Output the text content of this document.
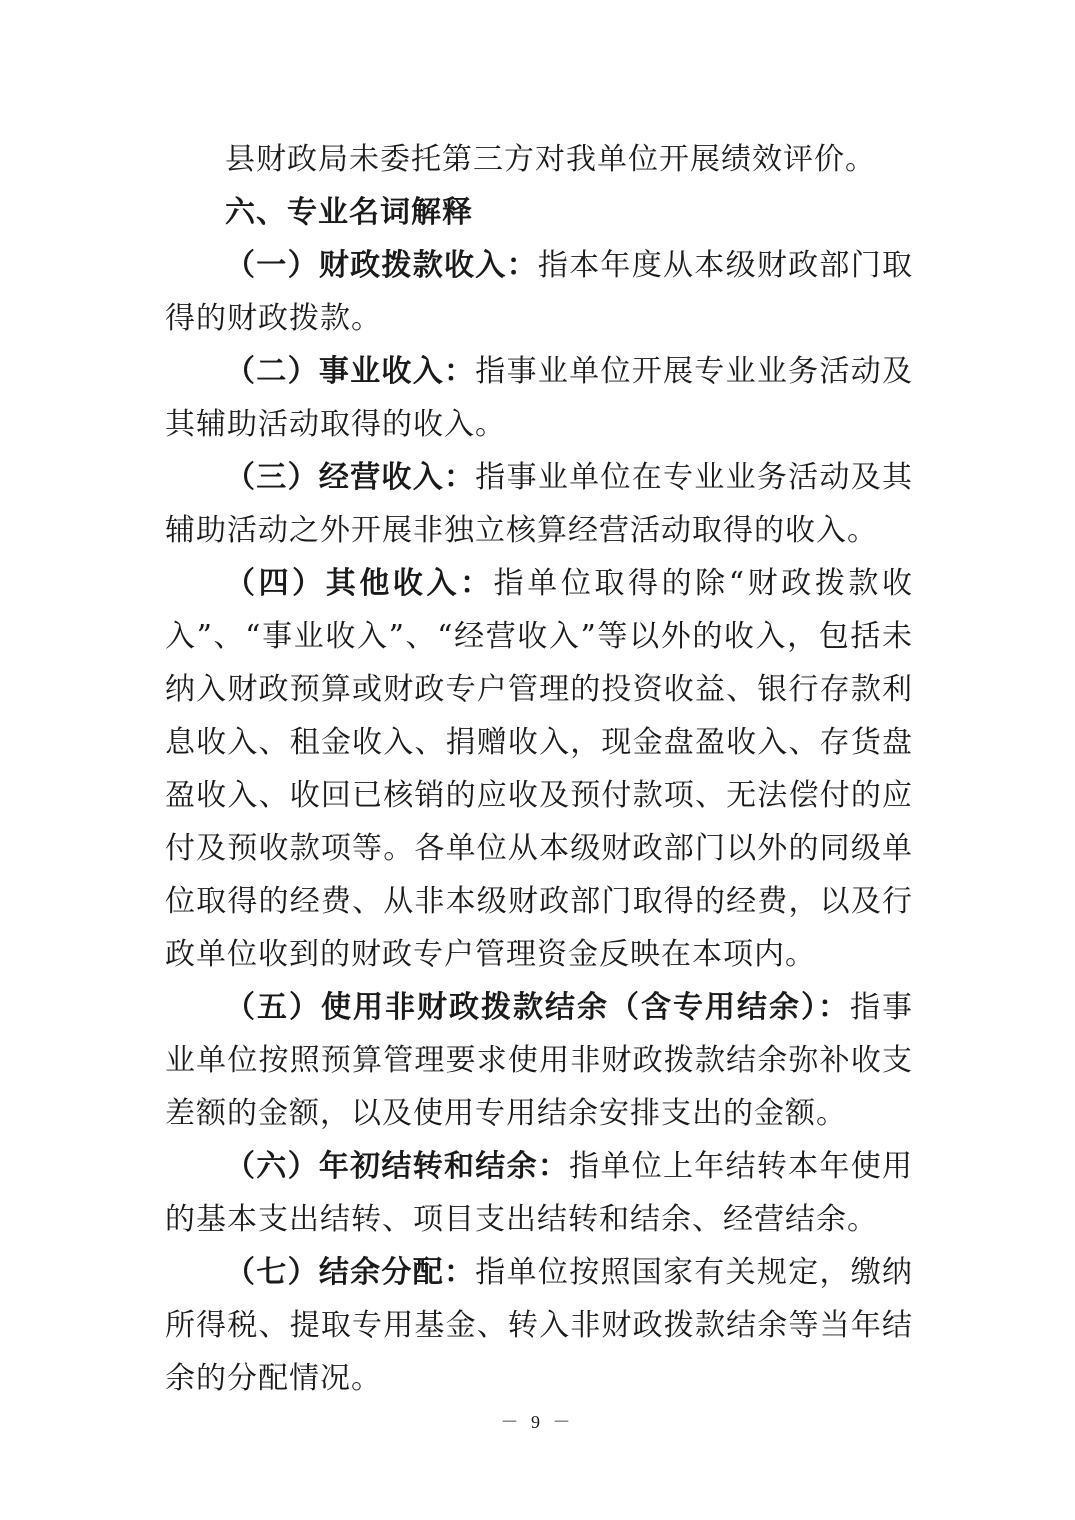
县财政局未委托第三方对我单位开展绩效评价。

六、专业名词解释

（一）财政拨款收入：指本年度从本级财政部门取得的财政拨款。

（二）事业收入：指事业单位开展专业业务活动及其辅助活动取得的收入。

（三）经营收入：指事业单位在专业业务活动及其辅助活动之外开展非独立核算经营活动取得的收入。

（四）其他收入：指单位取得的除“财政拨款收入”、“事业收入”、“经营收入”等以外的收入，包括未纳入财政预算或财政专户管理的投资收益、银行存款利息收入、租金收入、捐赠收入，现金盘盈收入、存货盘盈收入、收回已核销的应收及预付款项、无法偿付的应付及预收款项等。各单位从本级财政部门以外的同级单位取得的经费、从非本级财政部门取得的经费，以及行政单位收到的财政专户管理资金反映在本项内。

（五）使用非财政拨款结余（含专用结余）：指事业单位按照预算管理要求使用非财政拨款结余弥补收支差额的金额，以及使用专用结余安排支出的金额。

（六）年初结转和结余：指单位上年结转本年使用的基本支出结转、项目支出结转和结余、经营结余。

（七）结余分配：指单位按照国家有关规定，缴纳所得税、提取专用基金、转入非财政拨款结余等当年结余的分配情况。

－ 9 －
